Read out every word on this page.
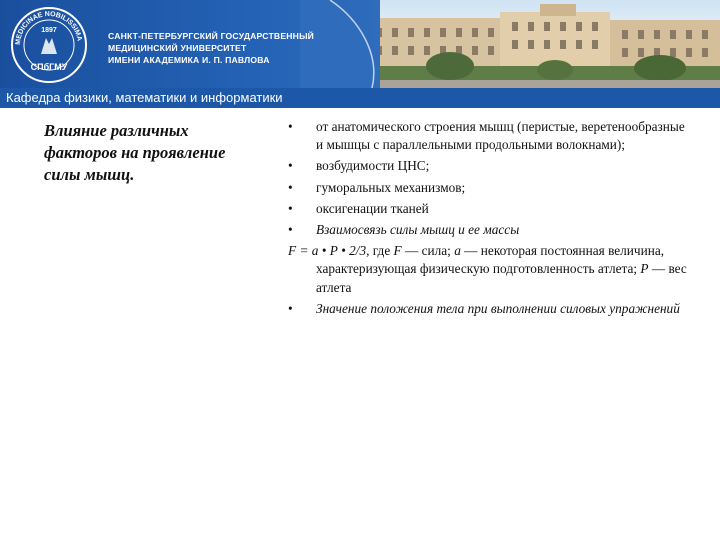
MEDICINAE NOBILISSIMA
1897
СПбГМУ
САНКТ-ПЕТЕРБУРГСКИЙ ГОСУДАРСТВЕННЫЙ
МЕДИЦИНСКИЙ УНИВЕРСИТЕТ
ИМЕНИ АКАДЕМИКА И. П. ПАВЛОВА
Кафедра физики, математики и информатики
Влияние различных
факторов на проявление
силы мышц.
• от анатомического строения мышц (перистые, веретенообразные и мышцы с параллельными продольными волокнами);
• возбудимости ЦНС;
• гуморальных механизмов;
• оксигенации тканей
• Взаимосвязь силы мышц и ее массы
F = а • Р • 2/3, где F — сила; а — некоторая постоянная величина, характеризующая физическую подготовленность атлета; Р — вес атлета
• Значение положения тела при выполнении силовых упражнений
